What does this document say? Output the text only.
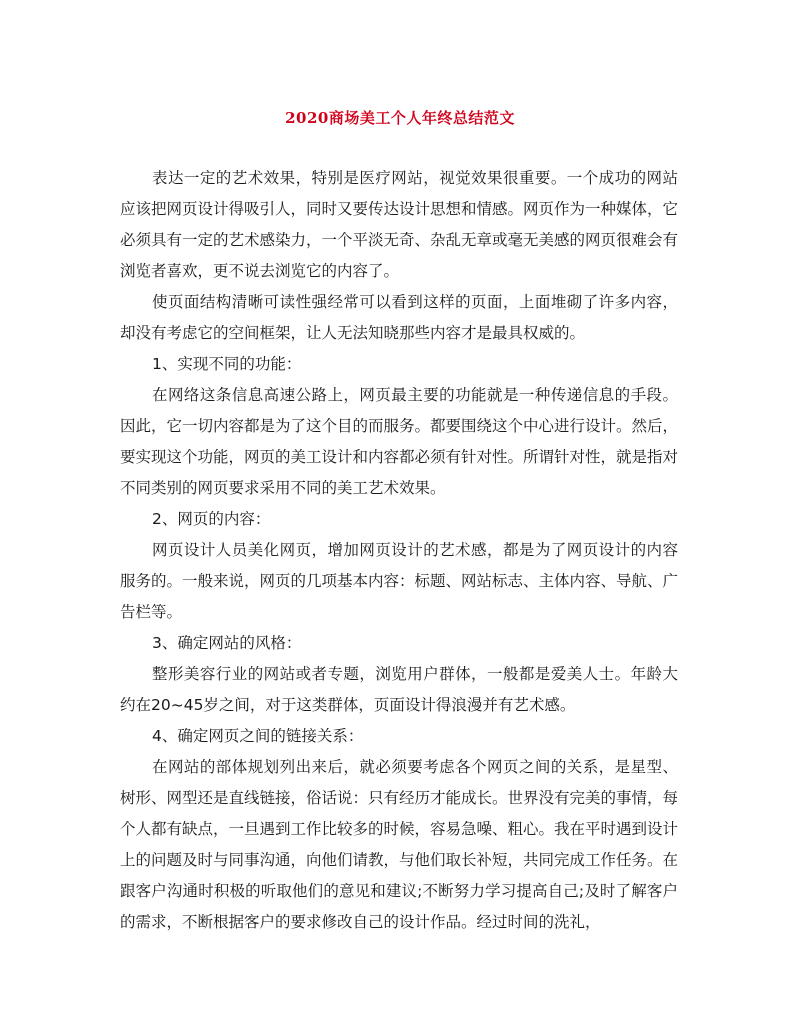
2020商场美工个人年终总结范文

表达一定的艺术效果，特别是医疗网站，视觉效果很重要。一个成功的网站应该把网页设计得吸引人，同时又要传达设计思想和情感。网页作为一种媒体，它必须具有一定的艺术感染力，一个平淡无奇、杂乱无章或毫无美感的网页很难会有浏览者喜欢，更不说去浏览它的内容了。

使页面结构清晰可读性强经常可以看到这样的页面，上面堆砌了许多内容，却没有考虑它的空间框架，让人无法知晓那些内容才是最具权威的。

1、实现不同的功能：

在网络这条信息高速公路上，网页最主要的功能就是一种传递信息的手段。因此，它一切内容都是为了这个目的而服务。都要围绕这个中心进行设计。然后，要实现这个功能，网页的美工设计和内容都必须有针对性。所谓针对性，就是指对不同类别的网页要求采用不同的美工艺术效果。

2、网页的内容：

网页设计人员美化网页，增加网页设计的艺术感，都是为了网页设计的内容服务的。一般来说，网页的几项基本内容：标题、网站标志、主体内容、导航、广告栏等。

3、确定网站的风格：

整形美容行业的网站或者专题，浏览用户群体，一般都是爱美人士。年龄大约在20~45岁之间，对于这类群体，页面设计得浪漫并有艺术感。

4、确定网页之间的链接关系：

在网站的部体规划列出来后，就必须要考虑各个网页之间的关系，是星型、树形、网型还是直线链接，俗话说：只有经历才能成长。世界没有完美的事情，每个人都有缺点，一旦遇到工作比较多的时候，容易急噪、粗心。我在平时遇到设计上的问题及时与同事沟通，向他们请教，与他们取长补短，共同完成工作任务。在跟客户沟通时积极的听取他们的意见和建议;不断努力学习提高自己;及时了解客户的需求，不断根据客户的要求修改自己的设计作品。经过时间的洗礼，
